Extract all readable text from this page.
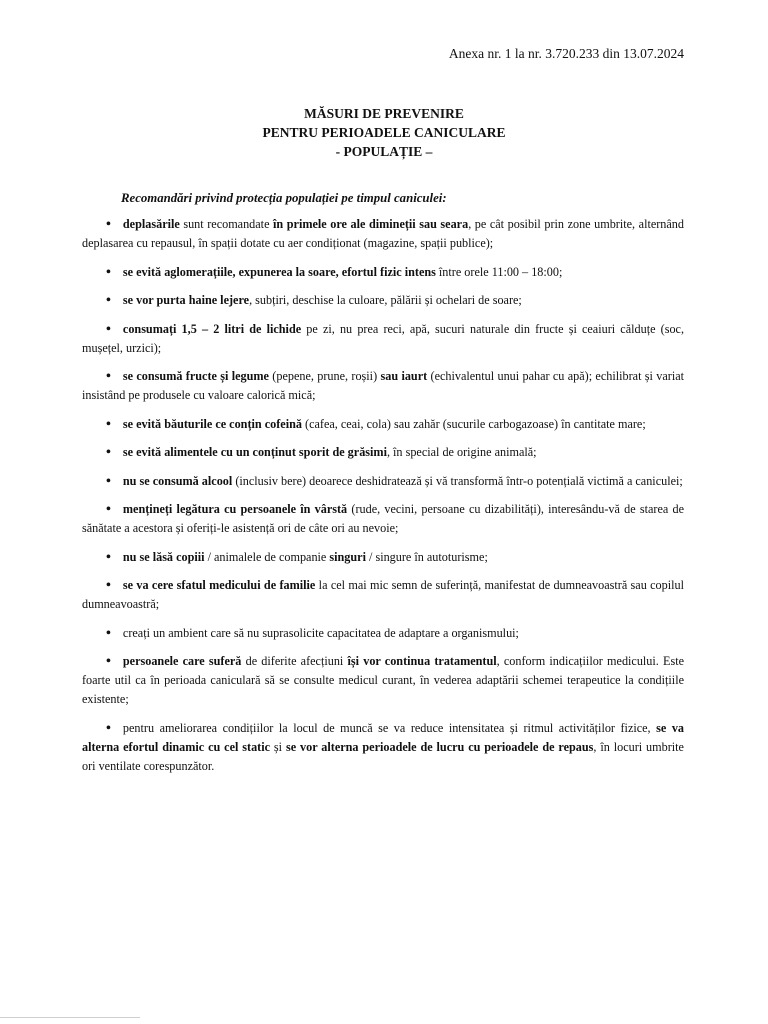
Anexa nr. 1 la nr. 3.720.233 din 13.07.2024
MĂSURI DE PREVENIRE
PENTRU PERIOADELE CANICULARE
- POPULAȚIE –
Recomandări privind protecția populației pe timpul caniculei:
• deplasările sunt recomandate în primele ore ale dimineții sau seara, pe cât posibil prin zone umbrite, alternând deplasarea cu repausul, în spații dotate cu aer condiționat (magazine, spații publice);
• se evită aglomerațiile, expunerea la soare, efortul fizic intens între orele 11:00 – 18:00;
• se vor purta haine lejere, subțiri, deschise la culoare, pălării și ochelari de soare;
• consumați 1,5 – 2 litri de lichide pe zi, nu prea reci, apă, sucuri naturale din fructe și ceaiuri călduțe (soc, mușețel, urzici);
• se consumă fructe și legume (pepene, prune, roșii) sau iaurt (echivalentul unui pahar cu apă); echilibrat și variat insistând pe produsele cu valoare calorică mică;
• se evită băuturile ce conțin cofeină (cafea, ceai, cola) sau zahăr (sucurile carbogazoase) în cantitate mare;
• se evită alimentele cu un conținut sporit de grăsimi, în special de origine animală;
• nu se consumă alcool (inclusiv bere) deoarece deshidratează și vă transformă într-o potențială victimă a caniculei;
• mențineți legătura cu persoanele în vârstă (rude, vecini, persoane cu dizabilități), interesându-vă de starea de sănătate a acestora și oferiți-le asistență ori de câte ori au nevoie;
• nu se lăsă copiii / animalele de companie singuri / singure în autoturisme;
• se va cere sfatul medicului de familie la cel mai mic semn de suferință, manifestat de dumneavoastră sau copilul dumneavoastră;
• creați un ambient care să nu suprasolicite capacitatea de adaptare a organismului;
• persoanele care suferă de diferite afecțiuni își vor continua tratamentul, conform indicațiilor medicului. Este foarte util ca în perioada caniculară să se consulte medicul curant, în vederea adaptării schemei terapeutice la condițiile existente;
• pentru ameliorarea condițiilor la locul de muncă se va reduce intensitatea și ritmul activităților fizice, se va alterna efortul dinamic cu cel static și se vor alterna perioadele de lucru cu perioadele de repaus, în locuri umbrite ori ventilate corespunzător.
